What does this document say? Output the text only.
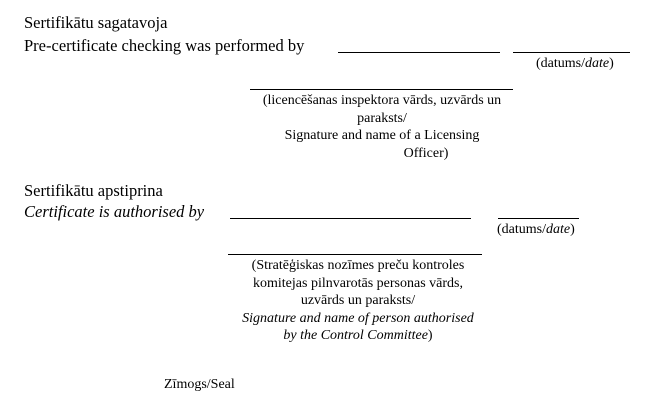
Sertifikātu sagatavoja
Pre-certificate checking was performed by
(datums/date)
(licencēšanas inspektora vārds, uzvārds un
paraksts/
Signature and name of a Licensing
Officer)
Sertifikātu apstiprina
Certificate is authorised by
(datums/date)
(Stratēģiskas nozīmes preču kontroles
komitejas pilnvarotās personas vārds,
uzvārds un paraksts/
Signature and name of person authorised
by the Control Committee)
Zīmogs/Seal
